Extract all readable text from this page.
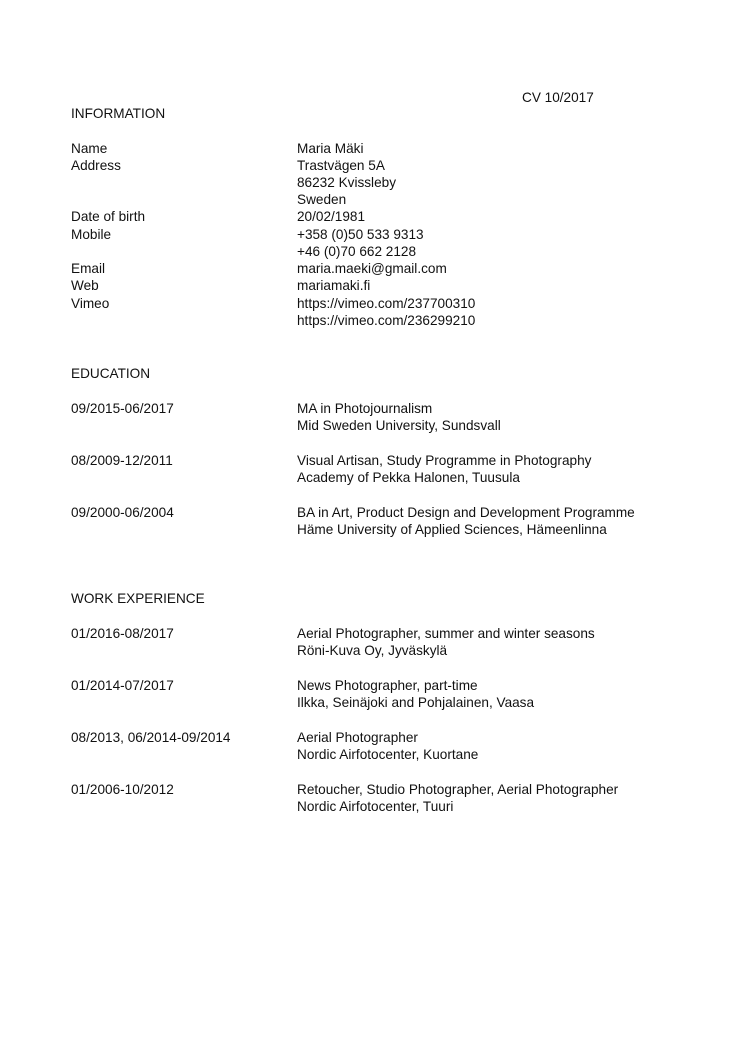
CV 10/2017
INFORMATION
Name	Maria Mäki
Address	Trastvägen 5A
86232 Kvissleby
Sweden
Date of birth	20/02/1981
Mobile	+358 (0)50 533 9313
+46 (0)70 662 2128
Email	maria.maeki@gmail.com
Web	mariamaki.fi
Vimeo	https://vimeo.com/237700310
https://vimeo.com/236299210
EDUCATION
09/2015-06/2017	MA in Photojournalism
Mid Sweden University, Sundsvall
08/2009-12/2011	Visual Artisan, Study Programme in Photography
Academy of Pekka Halonen, Tuusula
09/2000-06/2004	BA in Art, Product Design and Development Programme
Häme University of Applied Sciences, Hämeenlinna
WORK EXPERIENCE
01/2016-08/2017	Aerial Photographer, summer and winter seasons
Röni-Kuva Oy, Jyväskylä
01/2014-07/2017	News Photographer, part-time
Ilkka, Seinäjoki and Pohjalainen, Vaasa
08/2013, 06/2014-09/2014	Aerial Photographer
Nordic Airfotocenter, Kuortane
01/2006-10/2012	Retoucher, Studio Photographer, Aerial Photographer
Nordic Airfotocenter, Tuuri
